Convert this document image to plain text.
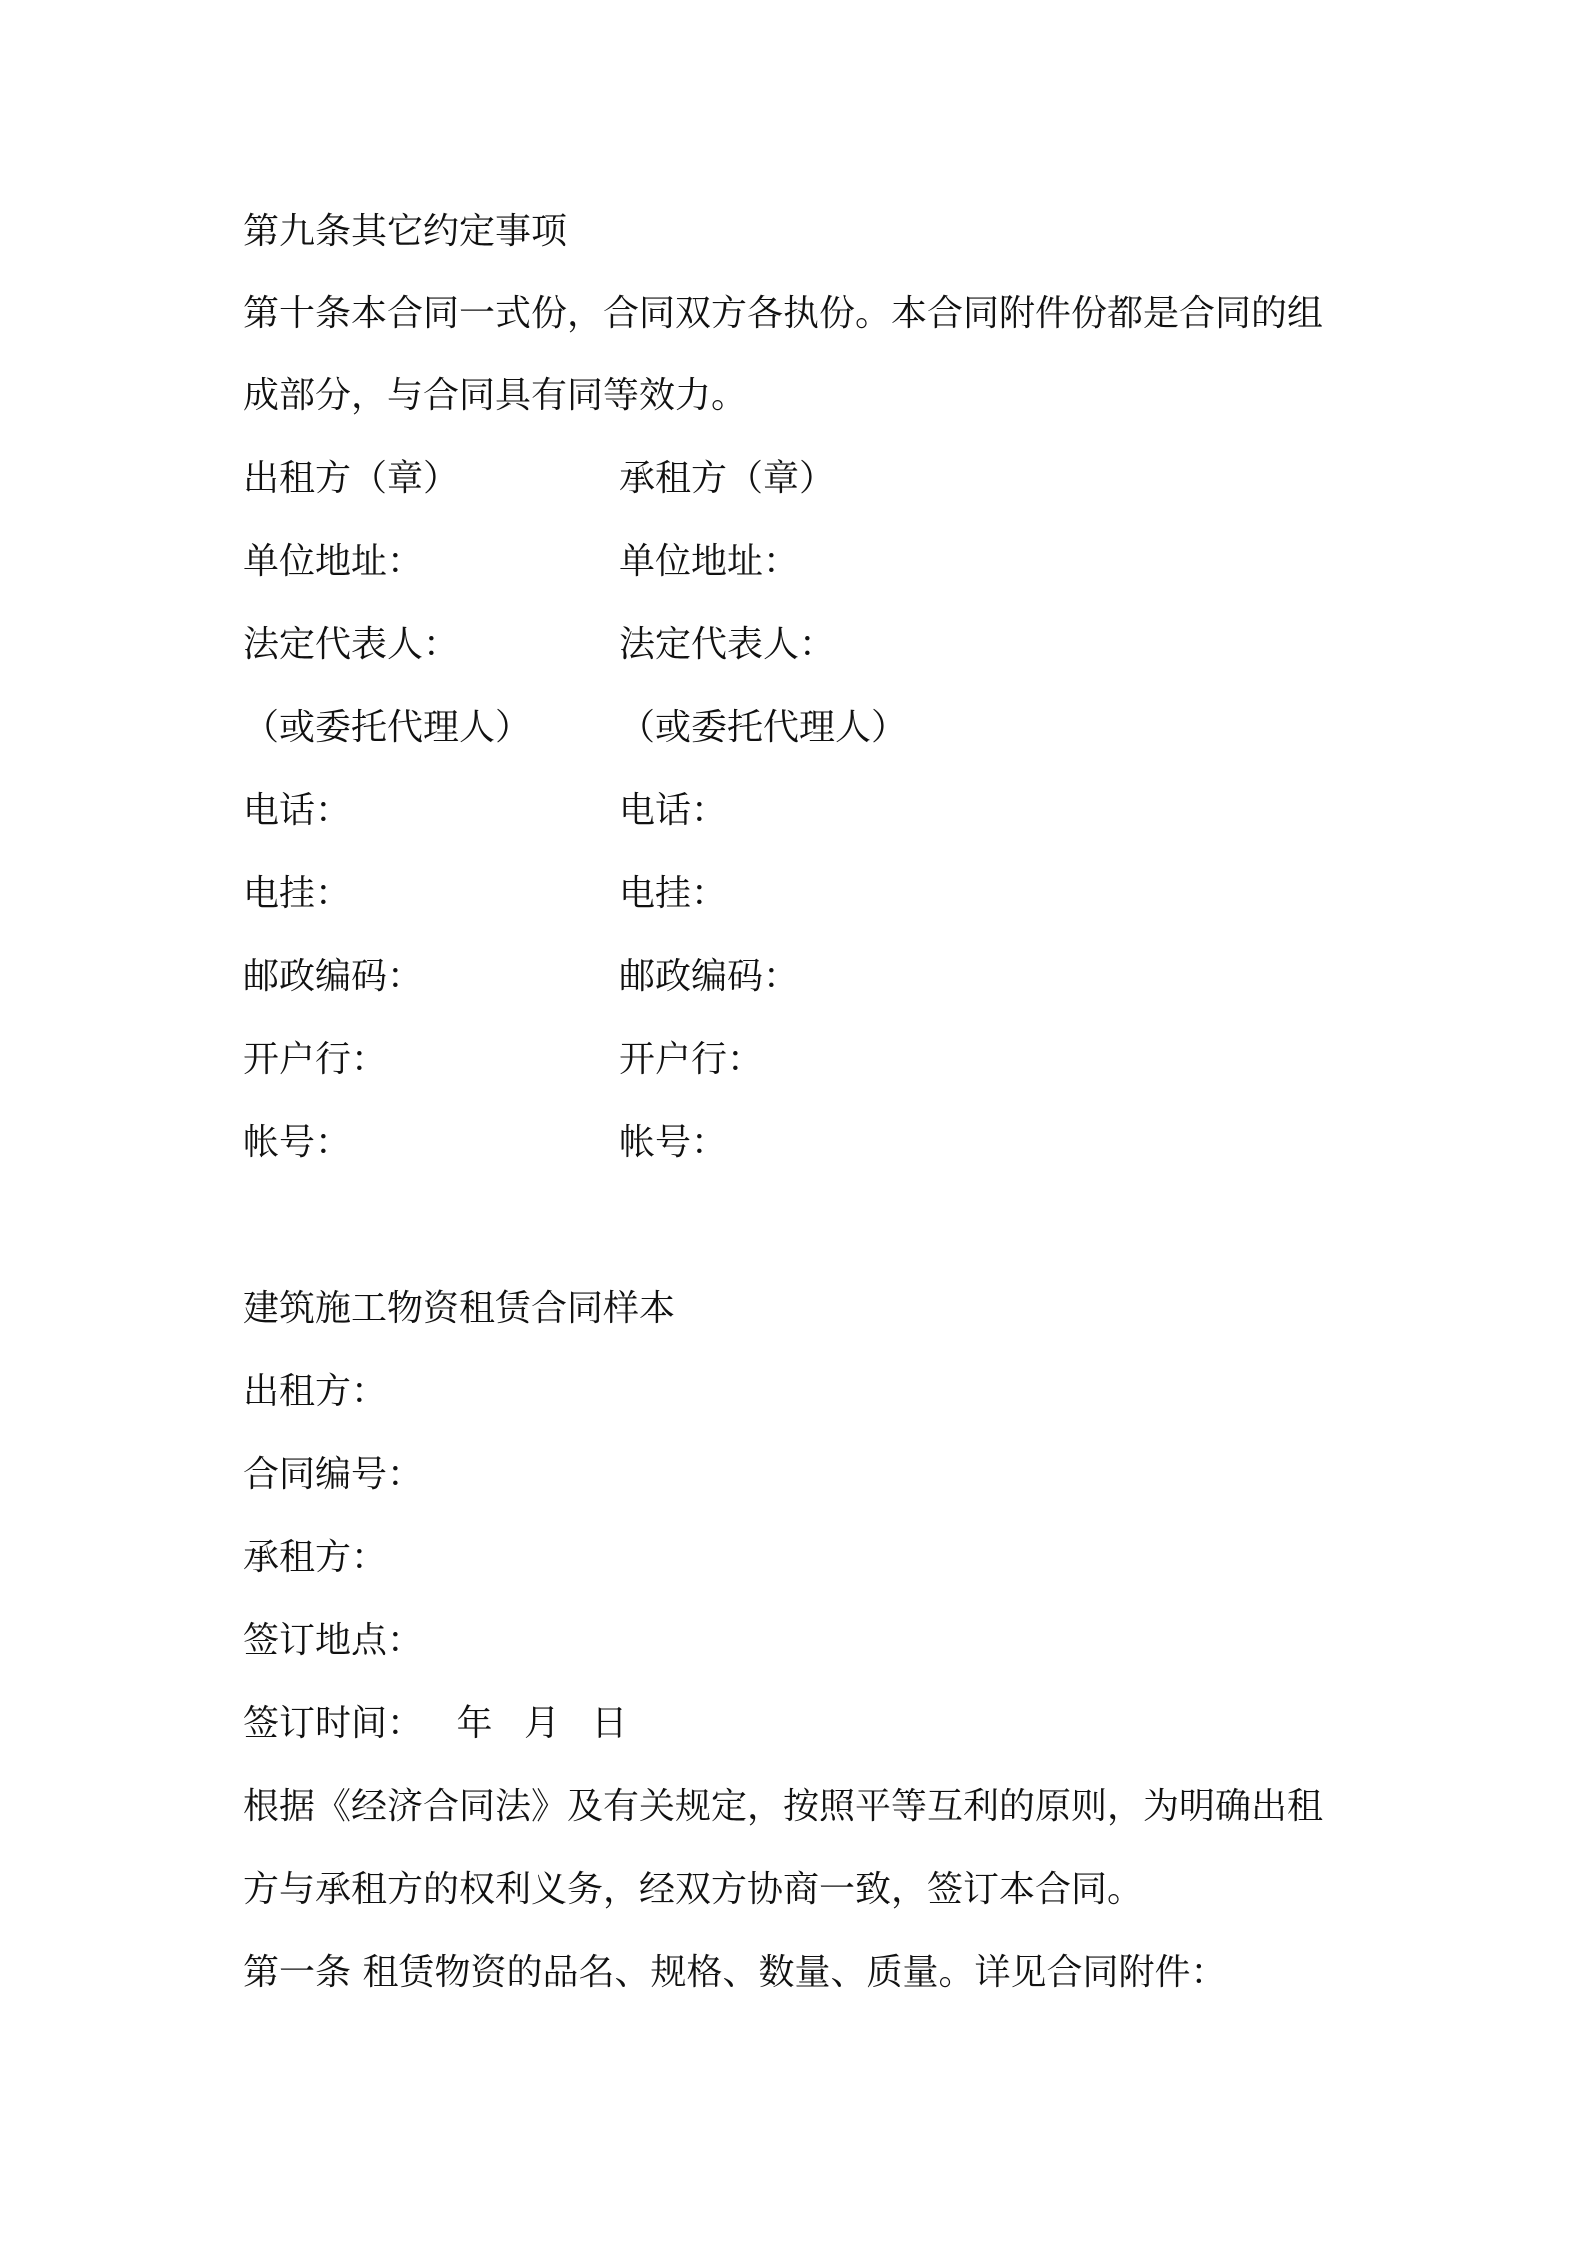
第九条其它约定事项
第十条本合同一式份，合同双方各执份。本合同附件份都是合同的组
成部分，与合同具有同等效力。
出租方（章）	承租方（章）
单位地址：	单位地址：
法定代表人：	法定代表人：
（或委托代理人） （或委托代理人）
电话：	电话：
电挂：	电挂：
邮政编码：	邮政编码：
开户行：	开户行：
帐号：	帐号：
建筑施工物资租赁合同样本
出租方：
合同编号：
承租方：
签订地点：
签订时间： 年 月 日
根据《经济合同法》及有关规定，按照平等互利的原则，为明确出租
方与承租方的权利义务，经双方协商一致，签订本合同。
第一条 租赁物资的品名、规格、数量、质量。详见合同附件：
